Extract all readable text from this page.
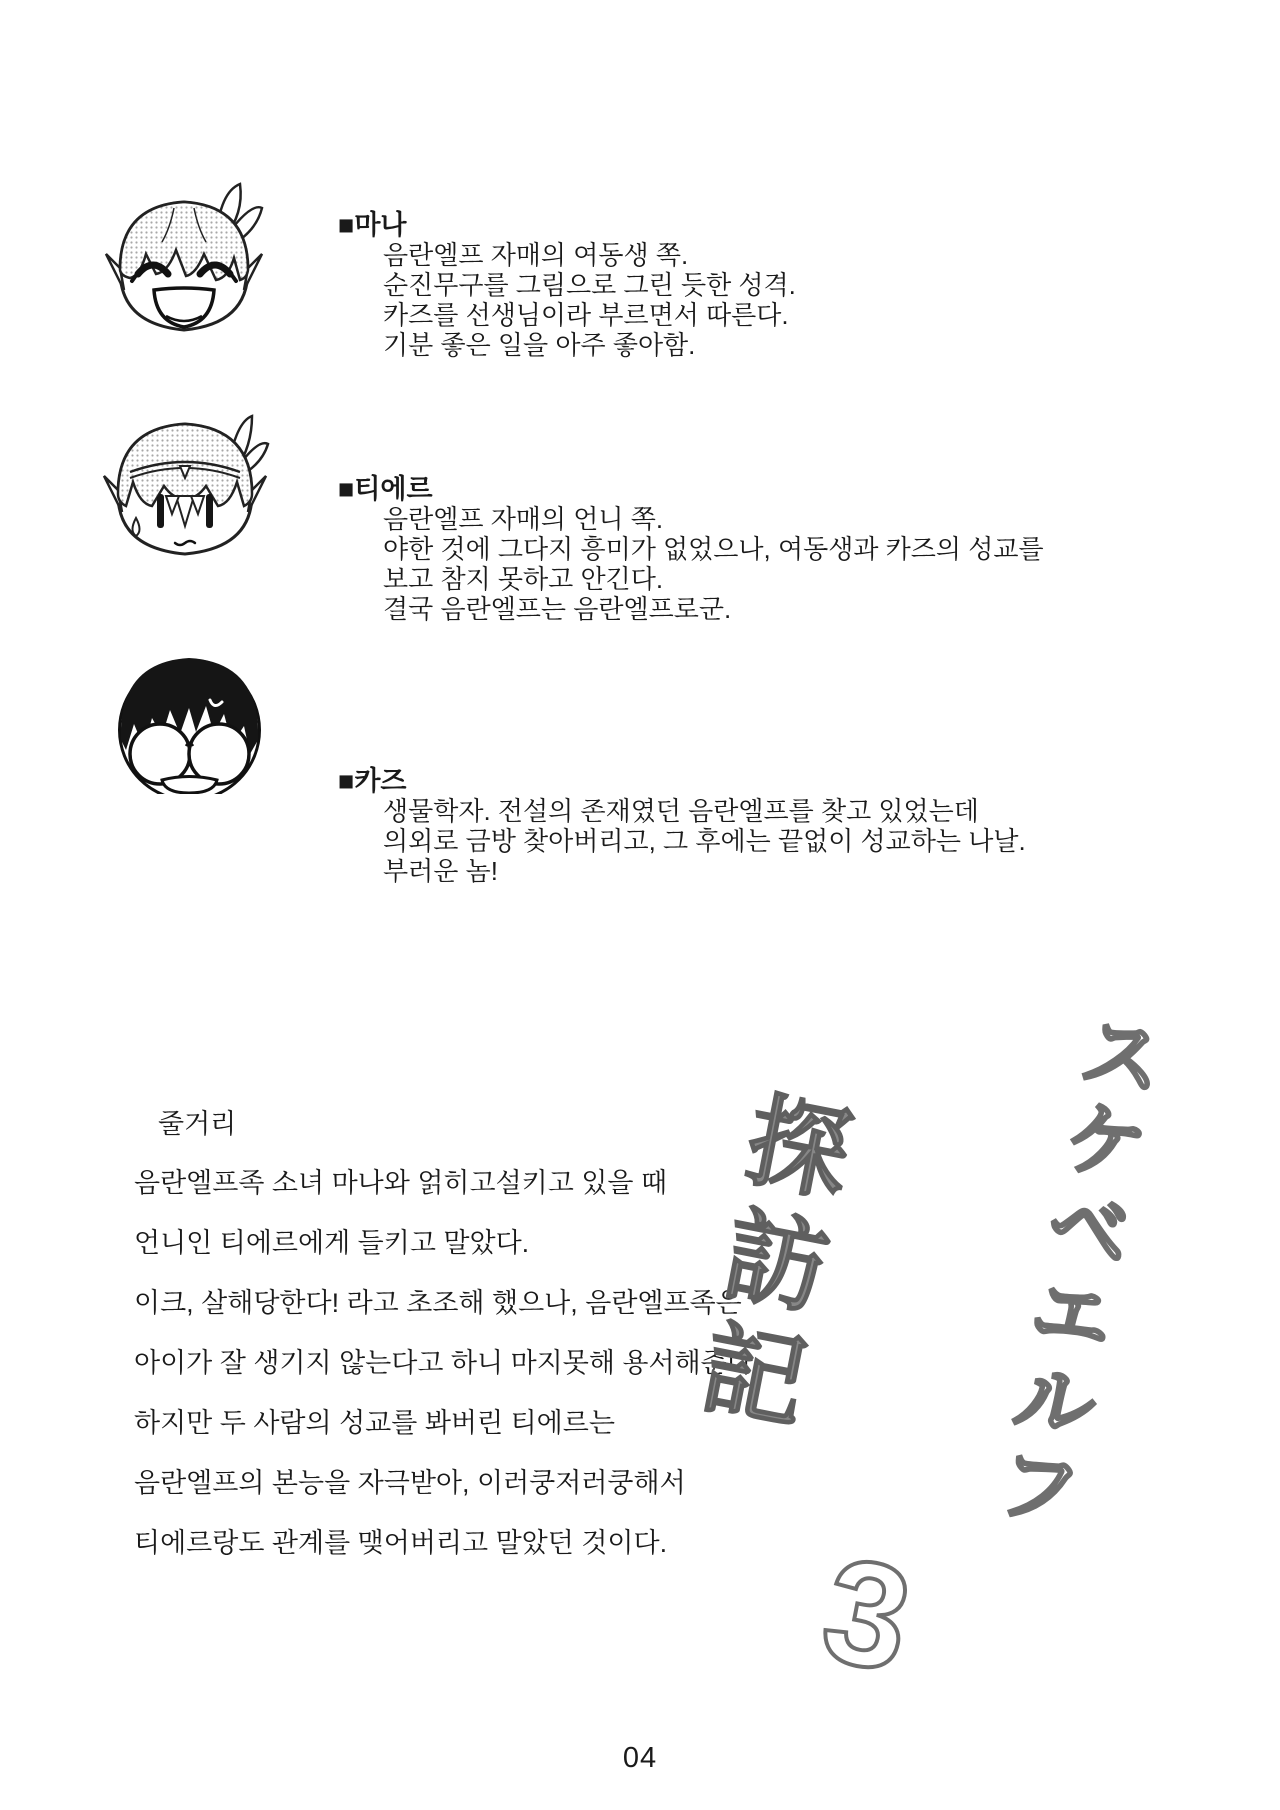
■마나

음란엘프 자매의 여동생 쪽.

순진무구를 그림으로 그린 듯한 성격.

카즈를 선생님이라 부르면서 따른다.

기분 좋은 일을 아주 좋아함.

■티에르

음란엘프 자매의 언니 쪽.

야한 것에 그다지 흥미가 없었으나, 여동생과 카즈의 성교를

보고 참지 못하고 안긴다.

결국 음란엘프는 음란엘프로군.

■카즈

생물학자. 전설의 존재였던 음란엘프를 찾고 있었는데

의외로 금방 찾아버리고, 그 후에는 끝없이 성교하는 나날.

부러운 놈!

줄거리

음란엘프족 소녀 마나와 얽히고설키고 있을 때

언니인 티에르에게 들키고 말았다.

이크, 살해당한다! 라고 초조해 했으나, 음란엘프족은

아이가 잘 생기지 않는다고 하니 마지못해 용서해준다.

하지만 두 사람의 성교를 봐버린 티에르는

음란엘프의 본능을 자극받아, 이러쿵저러쿵해서

티에르랑도 관계를 맺어버리고 말았던 것이다.

スケベエルフ
探訪記
3
04
